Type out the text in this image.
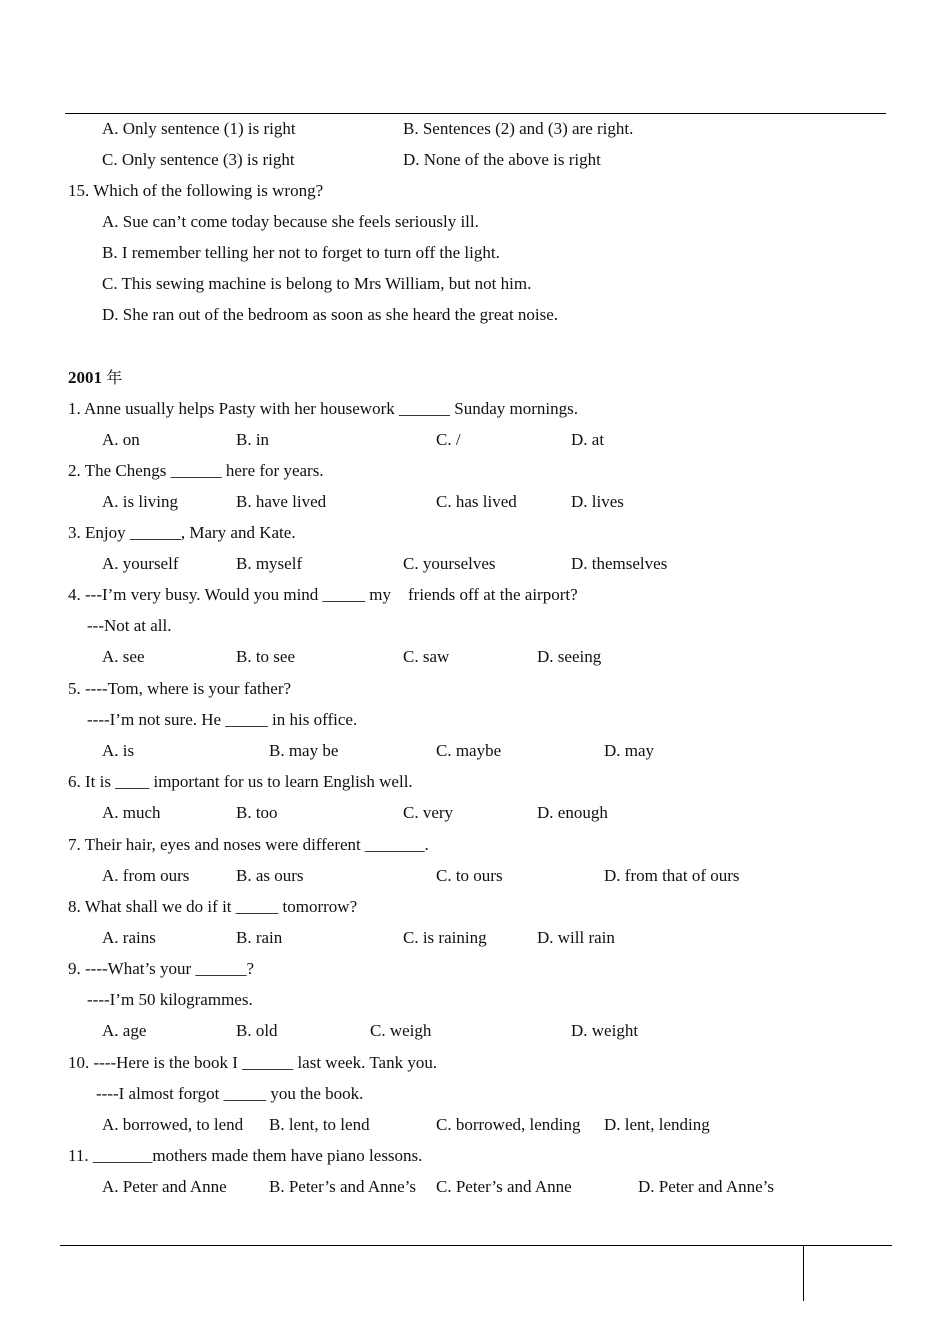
A. Only sentence (1) is right	B. Sentences (2) and (3) are right.
C. Only sentence (3) is right	D. None of the above is right
15. Which of the following is wrong?
A. Sue can’t come today because she feels seriously ill.
B. I remember telling her not to forget to turn off the light.
C. This sewing machine is belong to Mrs William, but not him.
D. She ran out of the bedroom as soon as she heard the great noise.
2001 年
1. Anne usually helps Pasty with her housework ______ Sunday mornings.
A. on	B. in	C. /	D. at
2. The Chengs ______ here for years.
A. is living	B. have lived	C. has lived	D. lives
3. Enjoy ______, Mary and Kate.
A. yourself	B. myself	C. yourselves	D. themselves
4. ---I’m very busy. Would you mind _____ my    friends off at the airport?
---Not at all.
A. see	B. to see	C. saw	D. seeing
5. ----Tom, where is your father?
----I’m not sure. He _____ in his office.
A. is	B. may be	C. maybe	D. may
6. It is ____ important for us to learn English well.
A. much	B. too	C. very	D. enough
7. Their hair, eyes and noses were different _______.
A. from ours	B. as ours	C. to ours	D. from that of ours
8. What shall we do if it _____ tomorrow?
A. rains	B. rain	C. is raining	D. will rain
9. ----What’s your ______?
----I’m 50 kilogrammes.
A. age	B. old	C. weigh	D. weight
10. ----Here is the book I ______ last week. Tank you.
----I almost forgot _____ you the book.
A. borrowed, to lend B. lent, to lend	C. borrowed, lending D. lent, lending
11. _______mothers made them have piano lessons.
A. Peter and Anne B. Peter’s and Anne’s C. Peter’s and Anne	D. Peter and Anne’s
